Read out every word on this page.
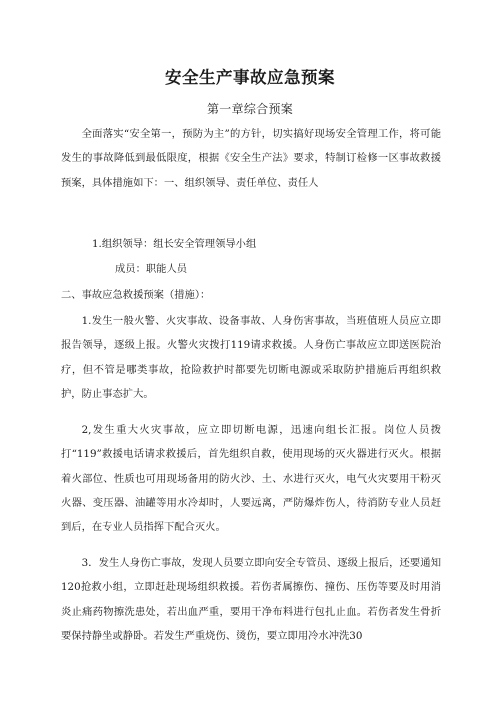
安全生产事故应急预案
第一章综合预案

全面落实“安全第一，预防为主”的方针，切实搞好现场安全管理工作，将可能发生的事故降低到最低限度，根据《安全生产法》要求，特制订检修一区事故救援预案，具体措施如下：一、组织领导、责任单位、责任人

1.组织领导：组长安全管理领导小组

成员：职能人员

二、事故应急救援预案（措施）：

1.发生一般火警、火灾事故、设备事故、人身伤害事故，当班值班人员应立即报告领导，逐级上报。火警火灾拨打119请求救援。人身伤亡事故应立即送医院治疗，但不管是哪类事故，抢险救护时都要先切断电源或采取防护措施后再组织救护，防止事态扩大。

2,发生重大火灾事故，应立即切断电源，迅速向组长汇报。岗位人员拨打“119”救援电话请求救援后，首先组织自救，使用现场的灭火器进行灭火。根据着火部位、性质也可用现场备用的防火沙、土、水进行灭火，电气火灾要用干粉灭火器、变压器、油罐等用水冷却时，人要远离，严防爆炸伤人，待消防专业人员赶到后，在专业人员指挥下配合灭火。

3．发生人身伤亡事故，发现人员要立即向安全专管员、逐级上报后，还要通知120抢救小组，立即赶赴现场组织救援。若伤者属擦伤、撞伤、压伤等要及时用消炎止痛药物擦洗患处，若出血严重，要用干净布料进行包扎止血。若伤者发生骨折要保持静坐或静卧。若发生严重烧伤、烫伤，要立即用冷水冲洗30
